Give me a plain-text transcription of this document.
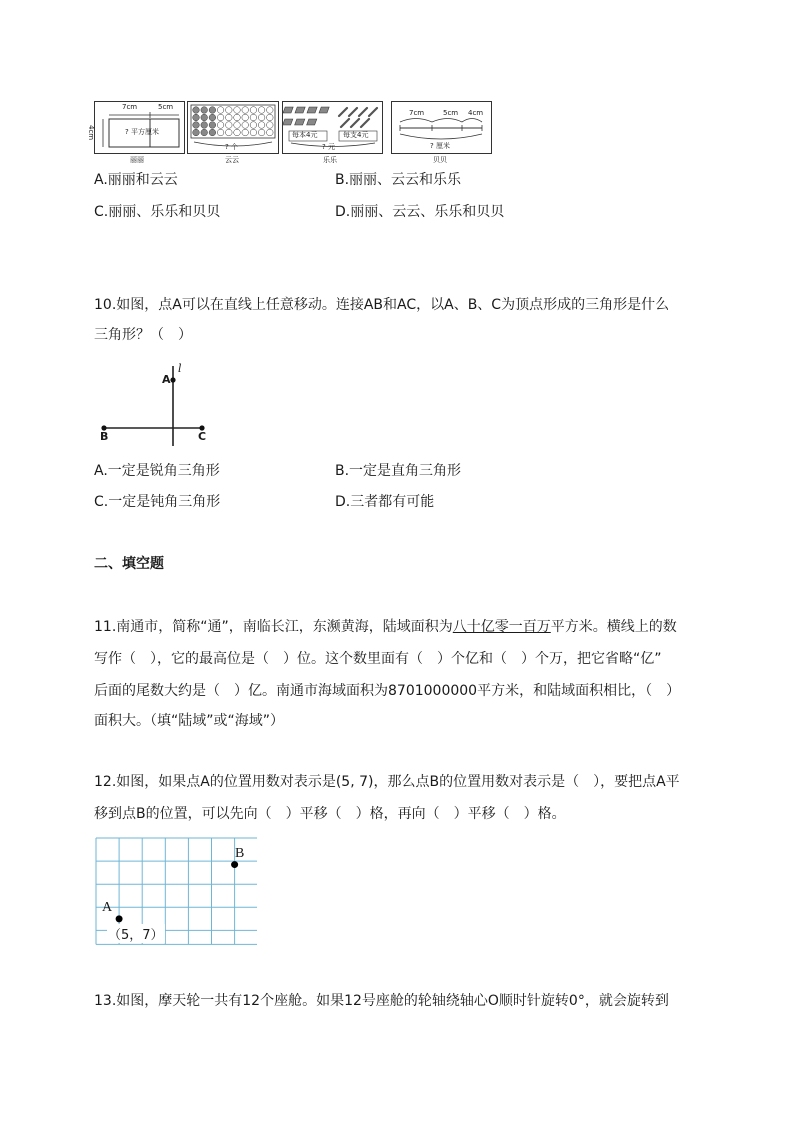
7cm	5cm
4cm	? 平方厘米
丽丽
? 个
云云
每本4元	每支4元
? 元
乐乐
7cm	5cm 4cm
? 厘米
贝贝
A.丽丽和云云	B.丽丽、云云和乐乐
C.丽丽、乐乐和贝贝	D.丽丽、云云、乐乐和贝贝
10.如图，点A可以在直线上任意移动。连接AB和AC，以A、B、C为顶点形成的三角形是什么
三角形？（　）
A
l
B	C
A.一定是锐角三角形	B.一定是直角三角形
C.一定是钝角三角形	D.三者都有可能
二、填空题
11.南通市，简称“通”，南临长江，东濒黄海，陆域面积为八十亿零一百万平方米。横线上的数
写作（　），它的最高位是（　）位。这个数里面有（　）个亿和（　）个万，把它省略“亿”
后面的尾数大约是（　）亿。南通市海域面积为8701000000平方米，和陆域面积相比，（　）
面积大。（填“陆域”或“海域”）
12.如图，如果点A的位置用数对表示是(5, 7)，那么点B的位置用数对表示是（　），要把点A平
移到点B的位置，可以先向（　）平移（　）格，再向（　）平移（　）格。
B
A
（5，7）
13.如图，摩天轮一共有12个座舱。如果12号座舱的轮轴绕轴心O顺时针旋转0°，就会旋转到
